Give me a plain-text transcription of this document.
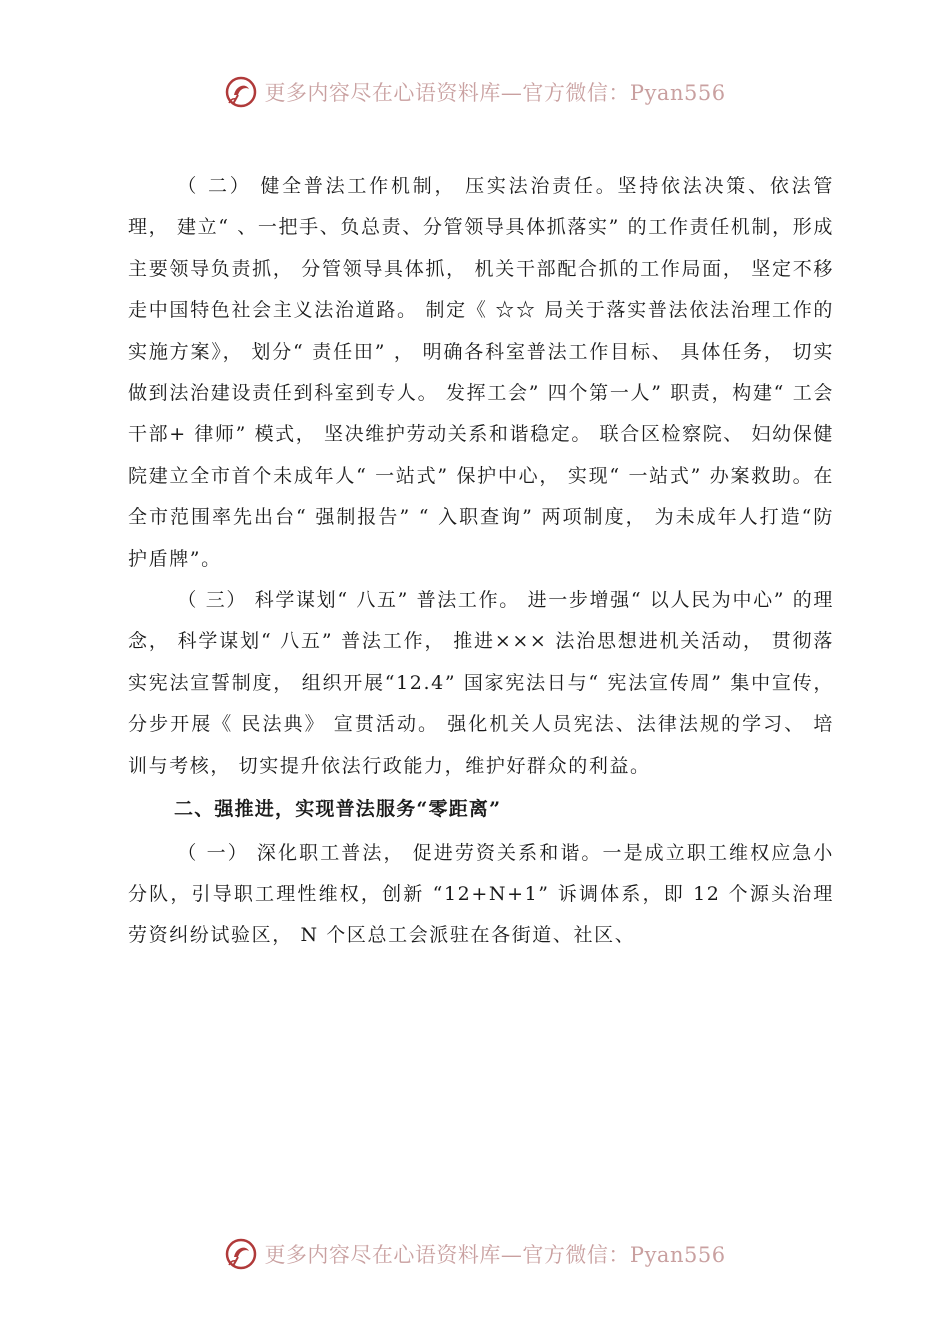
更多内容尽在心语资料库—官方微信：Pyan556

（ 二） 健全普法工作机制， 压实法治责任。坚持依法决策、依法管理， 建立“ 、一把手、负总责、分管领导具体抓落实” 的工作责任机制，形成主要领导负责抓， 分管领导具体抓， 机关干部配合抓的工作局面， 坚定不移走中国特色社会主义法治道路。 制定《 ☆☆ 局关于落实普法依法治理工作的实施方案》， 划分“ 责任田” ， 明确各科室普法工作目标、 具体任务， 切实做到法治建设责任到科室到专人。 发挥工会” 四个第一人” 职责，构建“ 工会干部+ 律师” 模式， 坚决维护劳动关系和谐稳定。 联合区检察院、 妇幼保健院建立全市首个未成年人“ 一站式” 保护中心， 实现“ 一站式” 办案救助。在全市范围率先出台“ 强制报告” “ 入职查询” 两项制度， 为未成年人打造“防护盾牌”。

（ 三） 科学谋划“ 八五” 普法工作。 进一步增强“ 以人民为中心” 的理念， 科学谋划“ 八五” 普法工作， 推进××× 法治思想进机关活动， 贯彻落实宪法宣誓制度， 组织开展“12.4” 国家宪法日与“ 宪法宣传周” 集中宣传， 分步开展《 民法典》 宣贯活动。 强化机关人员宪法、法律法规的学习、 培训与考核， 切实提升依法行政能力，维护好群众的利益。

二、强推进，实现普法服务“零距离”

（ 一） 深化职工普法， 促进劳资关系和谐。一是成立职工维权应急小分队，引导职工理性维权，创新 “12+N+1” 诉调体系，即 12 个源头治理劳资纠纷试验区， N 个区总工会派驻在各街道、社区、

更多内容尽在心语资料库—官方微信：Pyan556
